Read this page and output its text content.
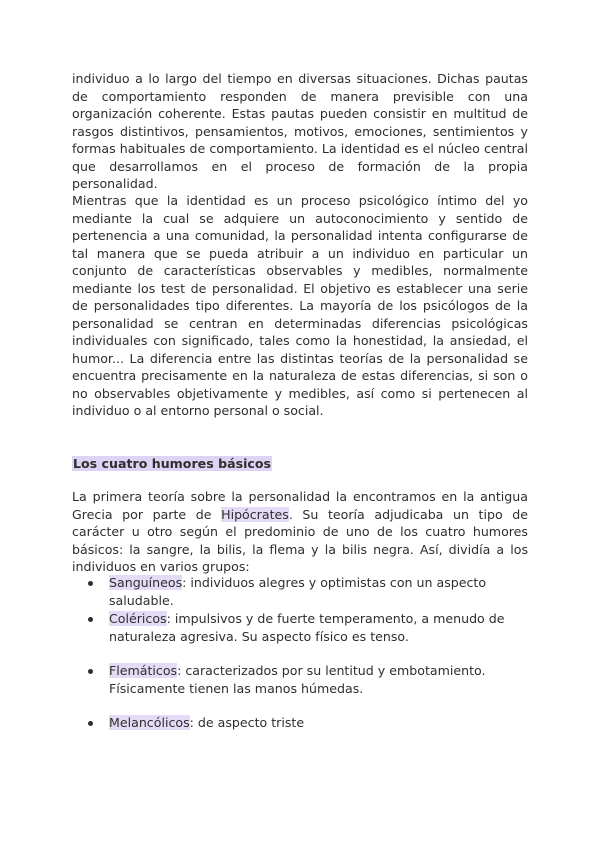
individuo a lo largo del tiempo en diversas situaciones. Dichas pautas de comportamiento responden de manera previsible con una organización coherente. Estas pautas pueden consistir en multitud de rasgos distintivos, pensamientos, motivos, emociones, sentimientos y formas habituales de comportamiento. La identidad es el núcleo central que desarrollamos en el proceso de formación de la propia personalidad.

Mientras que la identidad es un proceso psicológico íntimo del yo mediante la cual se adquiere un autoconocimiento y sentido de pertenencia a una comunidad, la personalidad intenta configurarse de tal manera que se pueda atribuir a un individuo en particular un conjunto de características observables y medibles, normalmente mediante los test de personalidad. El objetivo es establecer una serie de personalidades tipo diferentes. La mayoría de los psicólogos de la personalidad se centran en determinadas diferencias psicológicas individuales con significado, tales como la honestidad, la ansiedad, el humor... La diferencia entre las distintas teorías de la personalidad se encuentra precisamente en la naturaleza de estas diferencias, si son o no observables objetivamente y medibles, así como si pertenecen al individuo o al entorno personal o social.

Los cuatro humores básicos

La primera teoría sobre la personalidad la encontramos en la antigua Grecia por parte de Hipócrates. Su teoría adjudicaba un tipo de carácter u otro según el predominio de uno de los cuatro humores básicos: la sangre, la bilis, la flema y la bilis negra. Así, dividía a los individuos en varios grupos:

Sanguíneos: individuos alegres y optimistas con un aspecto saludable.
Coléricos: impulsivos y de fuerte temperamento, a menudo de naturaleza agresiva. Su aspecto físico es tenso.
Flemáticos: caracterizados por su lentitud y embotamiento. Físicamente tienen las manos húmedas.
Melancólicos: de aspecto triste
